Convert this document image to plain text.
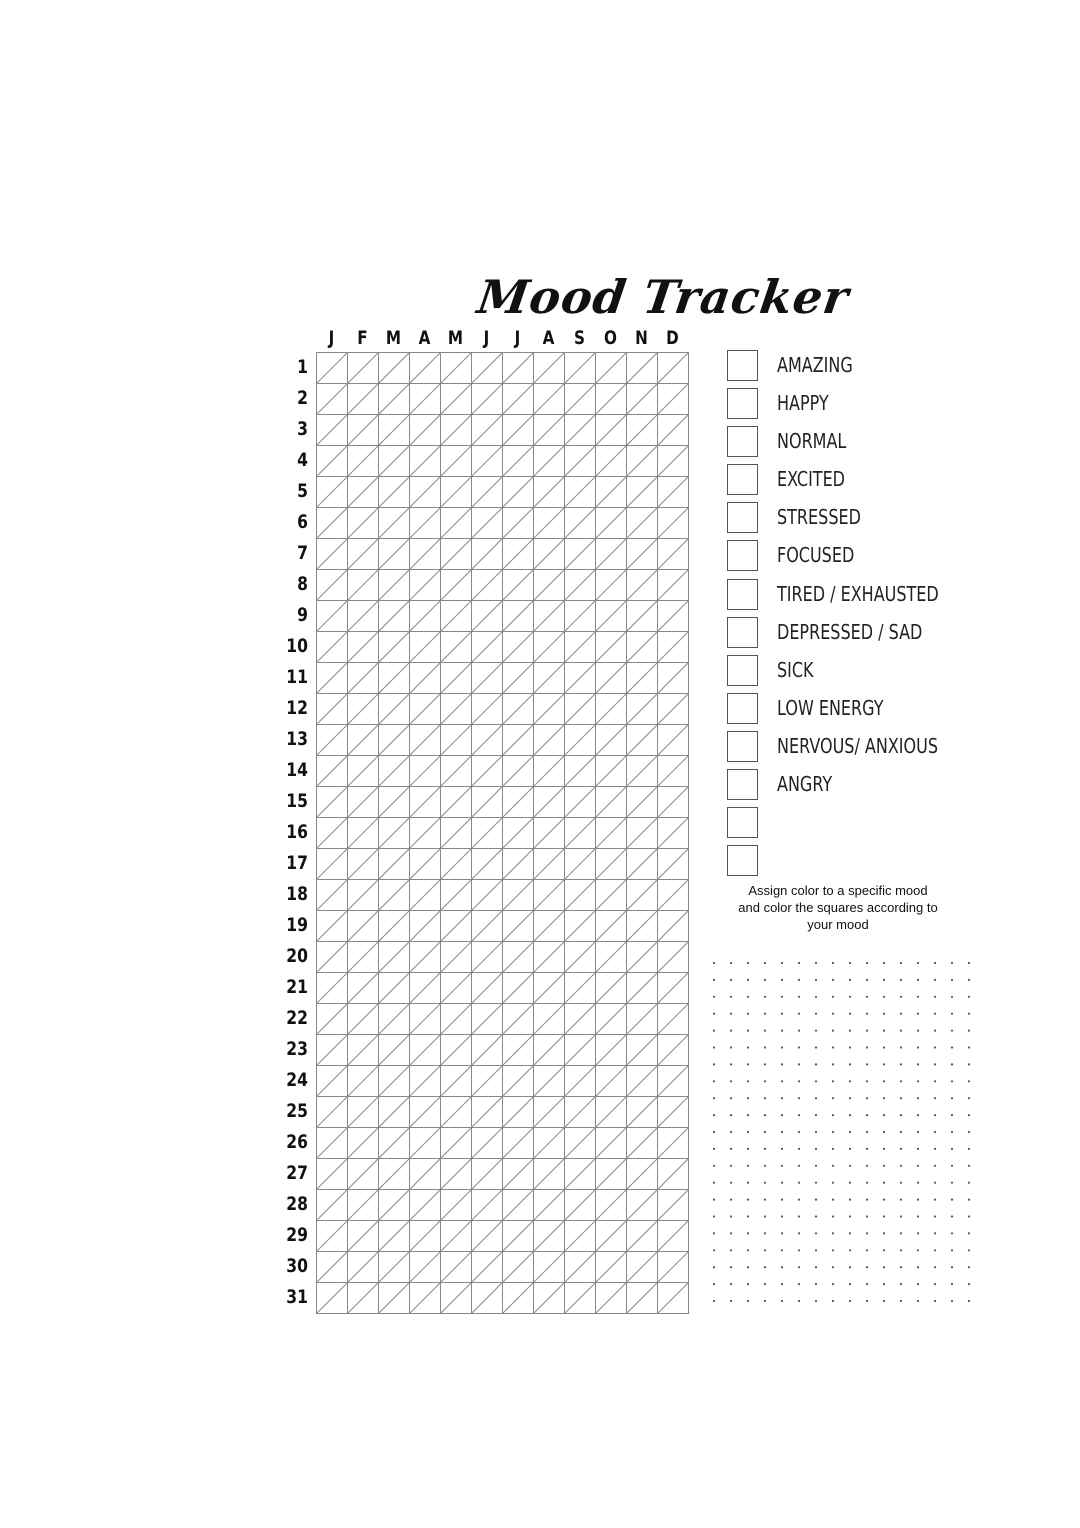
Mood Tracker
J	F M A M	J	J	A	S	O N D
1
2
3
4
5
6
7
8
9
10
11
12
13
14
15
16
17
18
19
20
21
22
23
24
25
26
27
28
29
30
31
AMAZING
HAPPY
NORMAL
EXCITED
STRESSED
FOCUSED
TIRED / EXHAUSTED
DEPRESSED / SAD
SICK
LOW ENERGY
NERVOUS/ ANXIOUS
ANGRY
Assign color to a specific mood
and color the squares according to
your mood
